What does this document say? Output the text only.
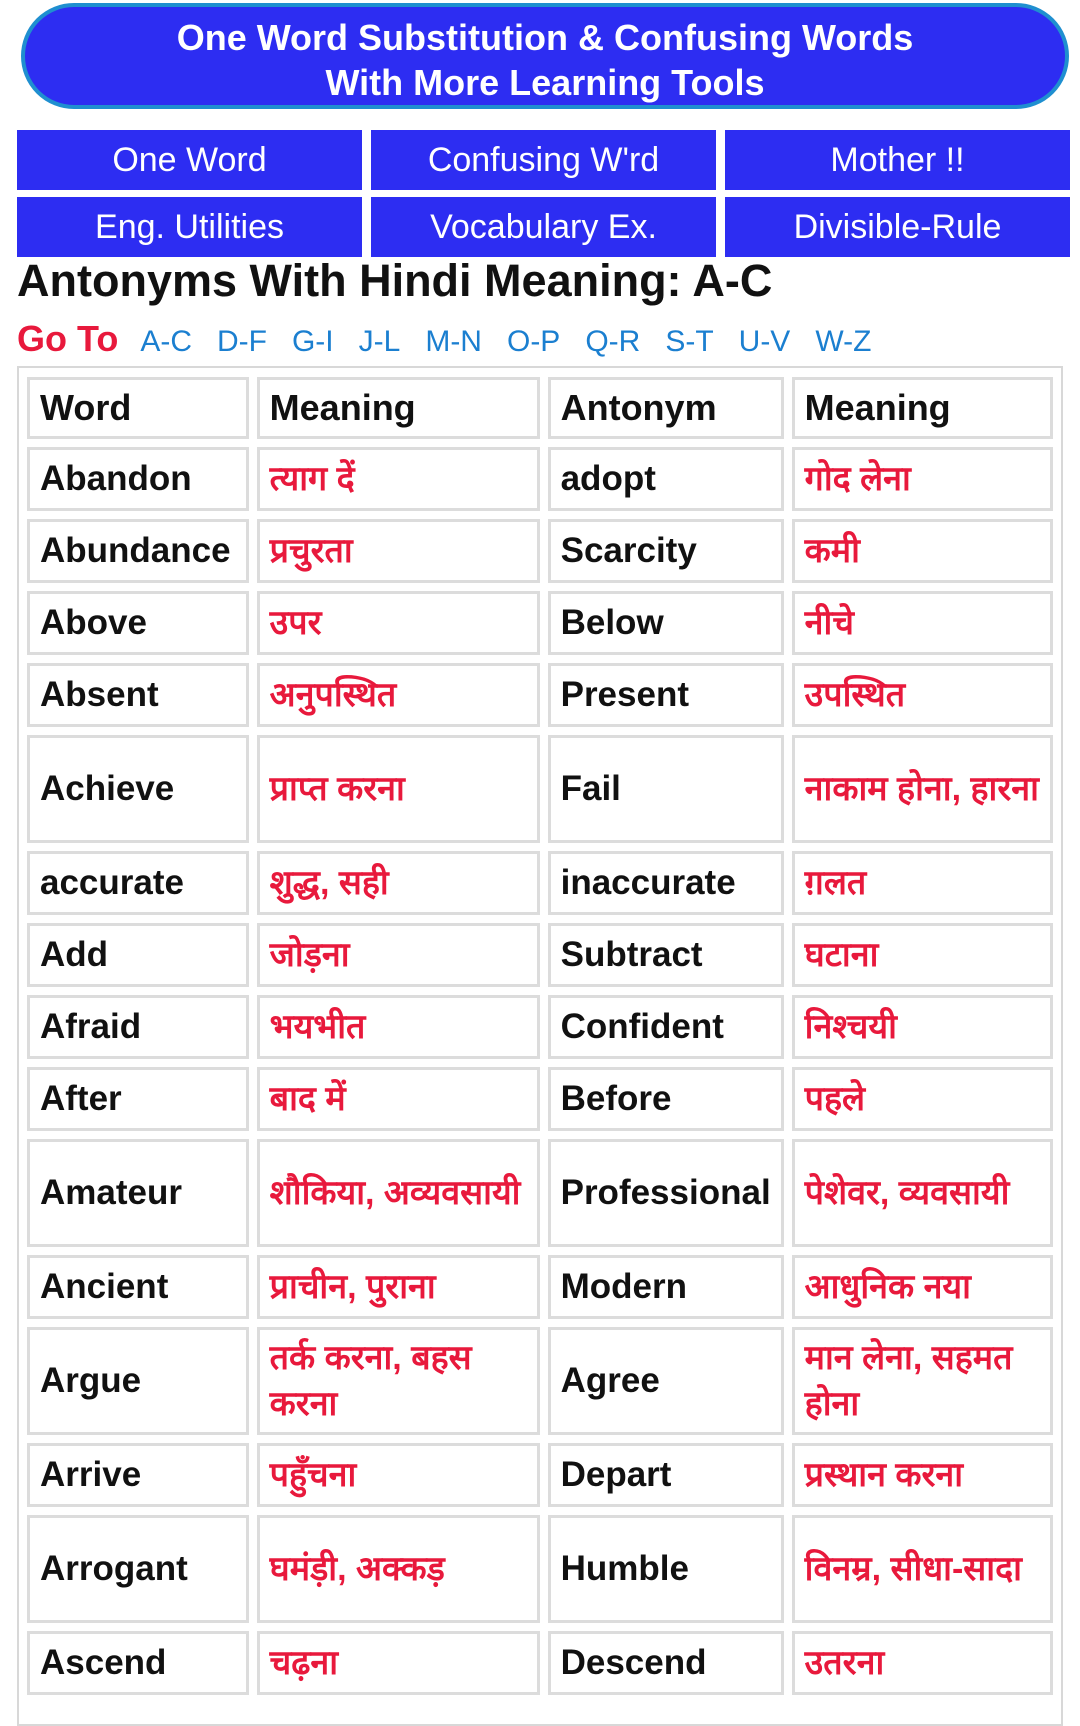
One Word Substitution & Confusing Words
With More Learning Tools
One Word	Confusing W'rd	Mother !!
Eng. Utilities	Vocabulary Ex.	Divisible-Rule
Antonyms With Hindi Meaning: A-C
Go To A-C D-F G-I J-L M-N O-P Q-R S-T U-V W-Z
Word	Meaning	Antonym	Meaning
Abandon	त्याग दें	adopt	गोद लेना
Abundance	प्रचुरता	Scarcity	कमी
Above	उपर	Below	नीचे
Absent	अनुपस्थित	Present	उपस्थित
Achieve	प्राप्त करना	Fail	नाकाम होना, हारना
accurate	शुद्ध, सही	inaccurate	ग़लत
Add	जोड़ना	Subtract	घटाना
Afraid	भयभीत	Confident	निश्चयी
After	बाद में	Before	पहले
Amateur	शौकिया, अव्यवसायी	Professional	पेशेवर, व्यवसायी
Ancient	प्राचीन, पुराना	Modern	आधुनिक नया
Argue	तर्क करना, बहस करना	Agree	मान लेना, सहमत होना
Arrive	पहुँचना	Depart	प्रस्थान करना
Arrogant	घमंड़ी, अक्कड़	Humble	विनम्र, सीधा-सादा
Ascend	चढ़ना	Descend	उतरना
